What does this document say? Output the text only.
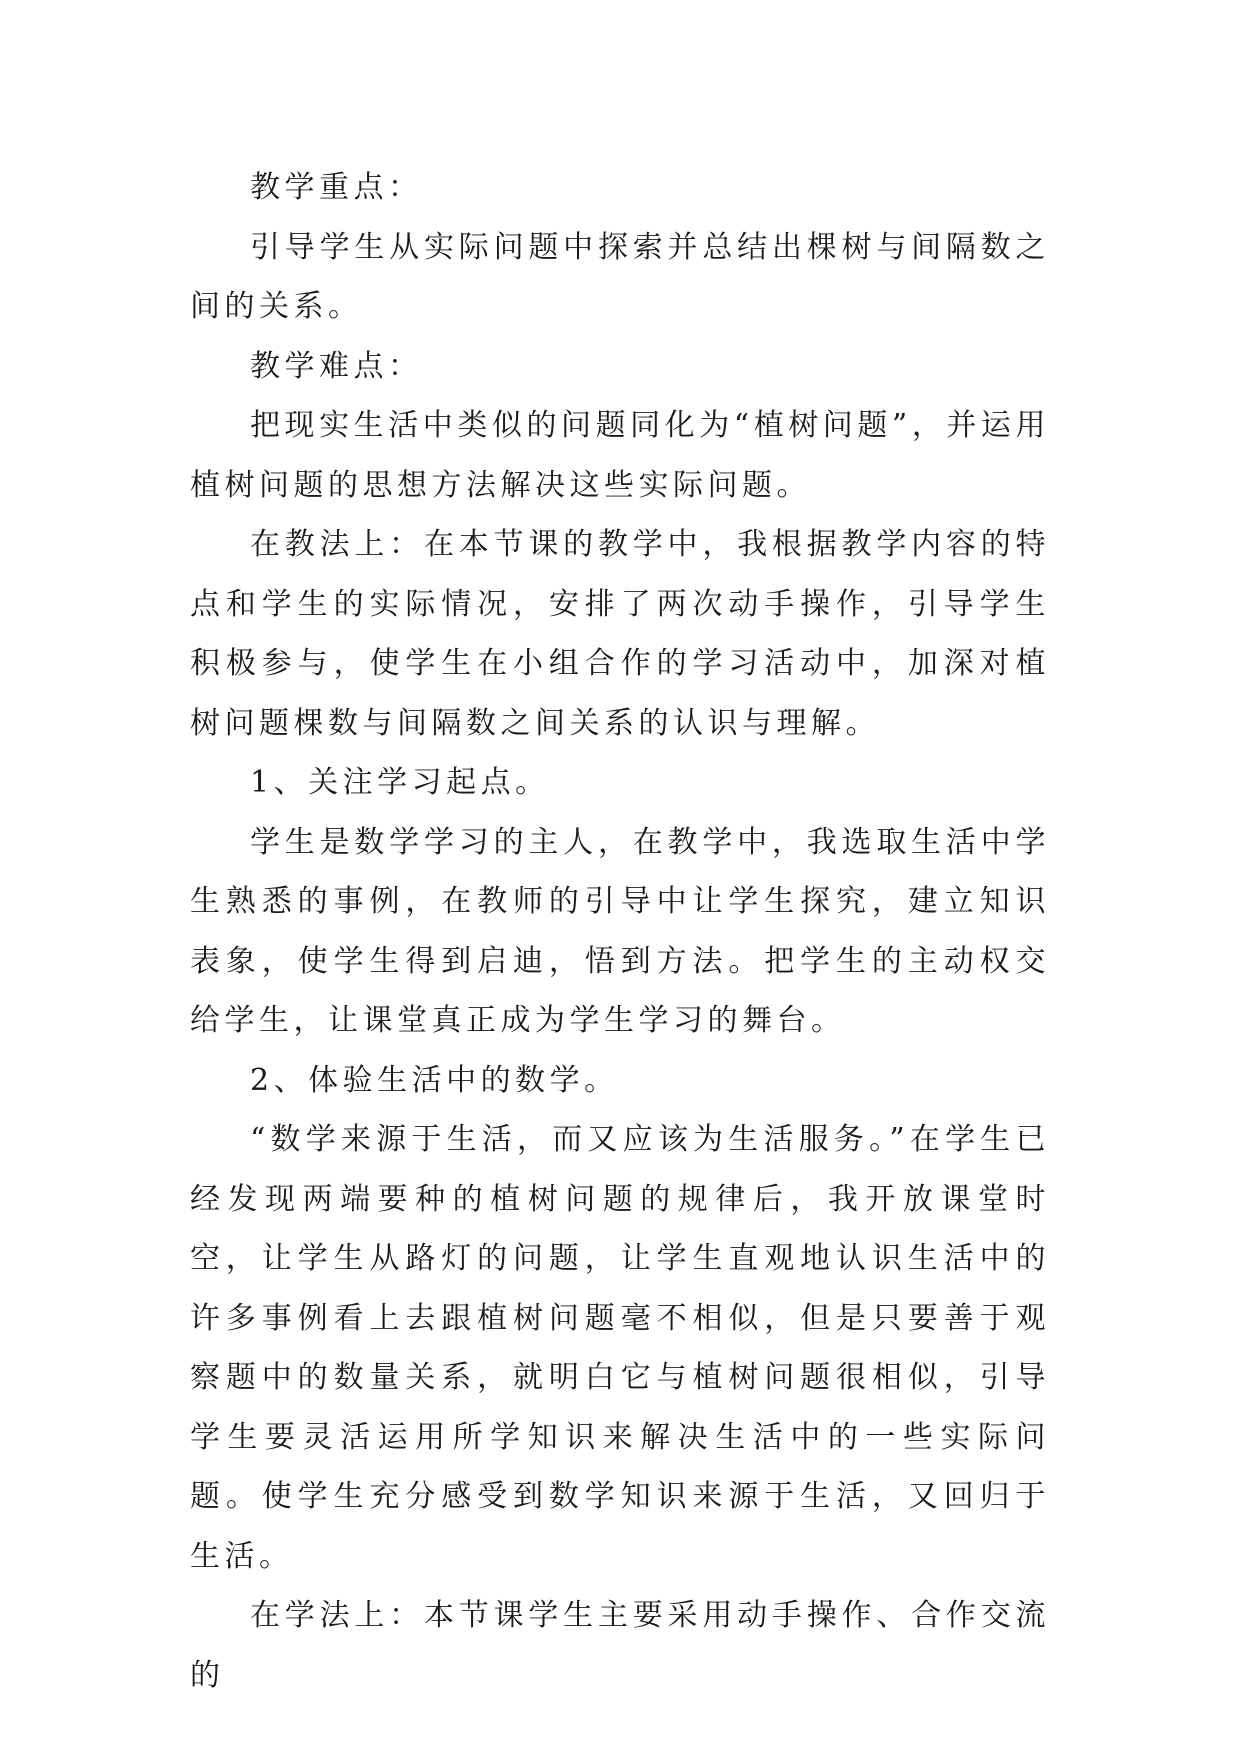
教学重点：

引导学生从实际问题中探索并总结出棵树与间隔数之间的关系。

教学难点：

把现实生活中类似的问题同化为“植树问题”，并运用植树问题的思想方法解决这些实际问题。

在教法上：在本节课的教学中，我根据教学内容的特点和学生的实际情况，安排了两次动手操作，引导学生积极参与，使学生在小组合作的学习活动中，加深对植树问题棵数与间隔数之间关系的认识与理解。

1、关注学习起点。

学生是数学学习的主人，在教学中，我选取生活中学生熟悉的事例，在教师的引导中让学生探究，建立知识表象，使学生得到启迪，悟到方法。把学生的主动权交给学生，让课堂真正成为学生学习的舞台。

2、体验生活中的数学。

“数学来源于生活，而又应该为生活服务。”在学生已经发现两端要种的植树问题的规律后，我开放课堂时空，让学生从路灯的问题，让学生直观地认识生活中的许多事例看上去跟植树问题毫不相似，但是只要善于观察题中的数量关系，就明白它与植树问题很相似，引导学生要灵活运用所学知识来解决生活中的一些实际问题。使学生充分感受到数学知识来源于生活，又回归于生活。

在学法上：本节课学生主要采用动手操作、合作交流的
